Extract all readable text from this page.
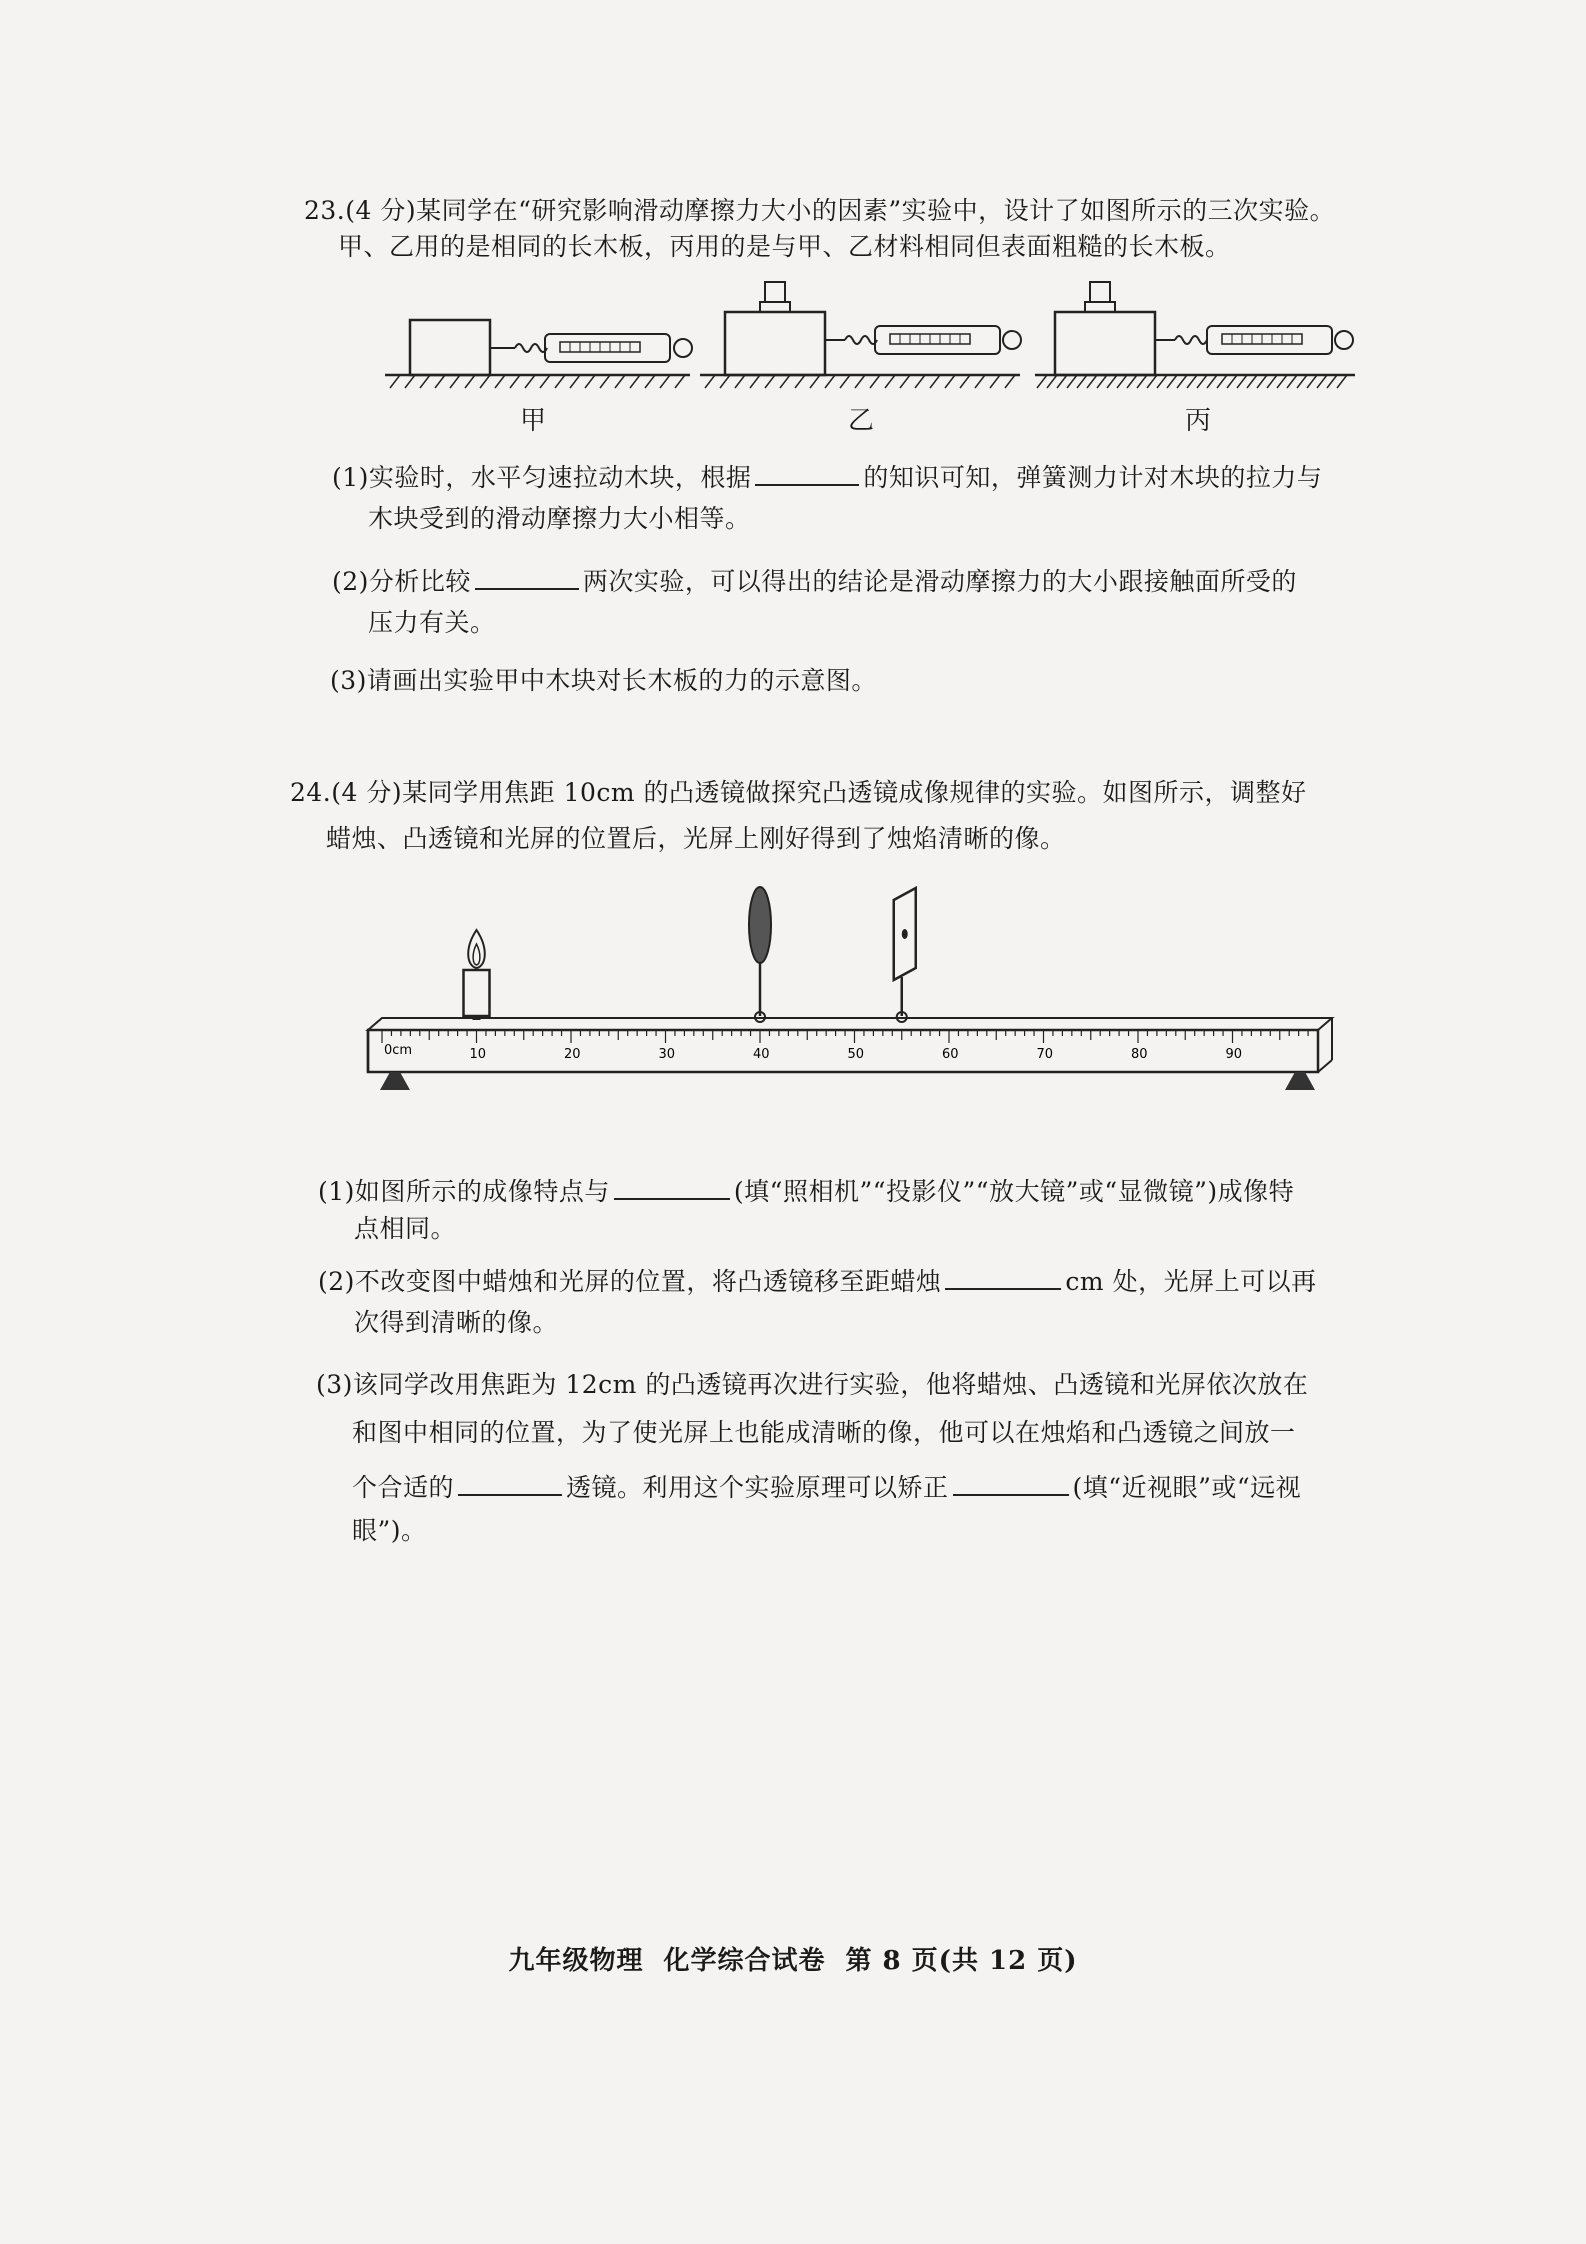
23.(4 分)某同学在“研究影响滑动摩擦力大小的因素”实验中，设计了如图所示的三次实验。
甲、乙用的是相同的长木板，丙用的是与甲、乙材料相同但表面粗糙的长木板。
甲	乙	丙
(1)实验时，水平匀速拉动木块，根据	的知识可知，弹簧测力计对木块的拉力与
木块受到的滑动摩擦力大小相等。
(2)分析比较	两次实验，可以得出的结论是滑动摩擦力的大小跟接触面所受的
压力有关。
(3)请画出实验甲中木块对长木板的力的示意图。
24.(4 分)某同学用焦距 10cm 的凸透镜做探究凸透镜成像规律的实验。如图所示，调整好
蜡烛、凸透镜和光屏的位置后，光屏上刚好得到了烛焰清晰的像。
10	20	30	40	50	60	70	80	90
0cm
(1)如图所示的成像特点与	(填“照相机”“投影仪”“放大镜”或“显微镜”)成像特
点相同。
(2)不改变图中蜡烛和光屏的位置，将凸透镜移至距蜡烛	cm 处，光屏上可以再
次得到清晰的像。
(3)该同学改用焦距为 12cm 的凸透镜再次进行实验，他将蜡烛、凸透镜和光屏依次放在
和图中相同的位置，为了使光屏上也能成清晰的像，他可以在烛焰和凸透镜之间放一
个合适的	透镜。利用这个实验原理可以矫正	(填“近视眼”或“远视
眼”)。
九年级物理 化学综合试卷 第 8 页(共 12 页)
